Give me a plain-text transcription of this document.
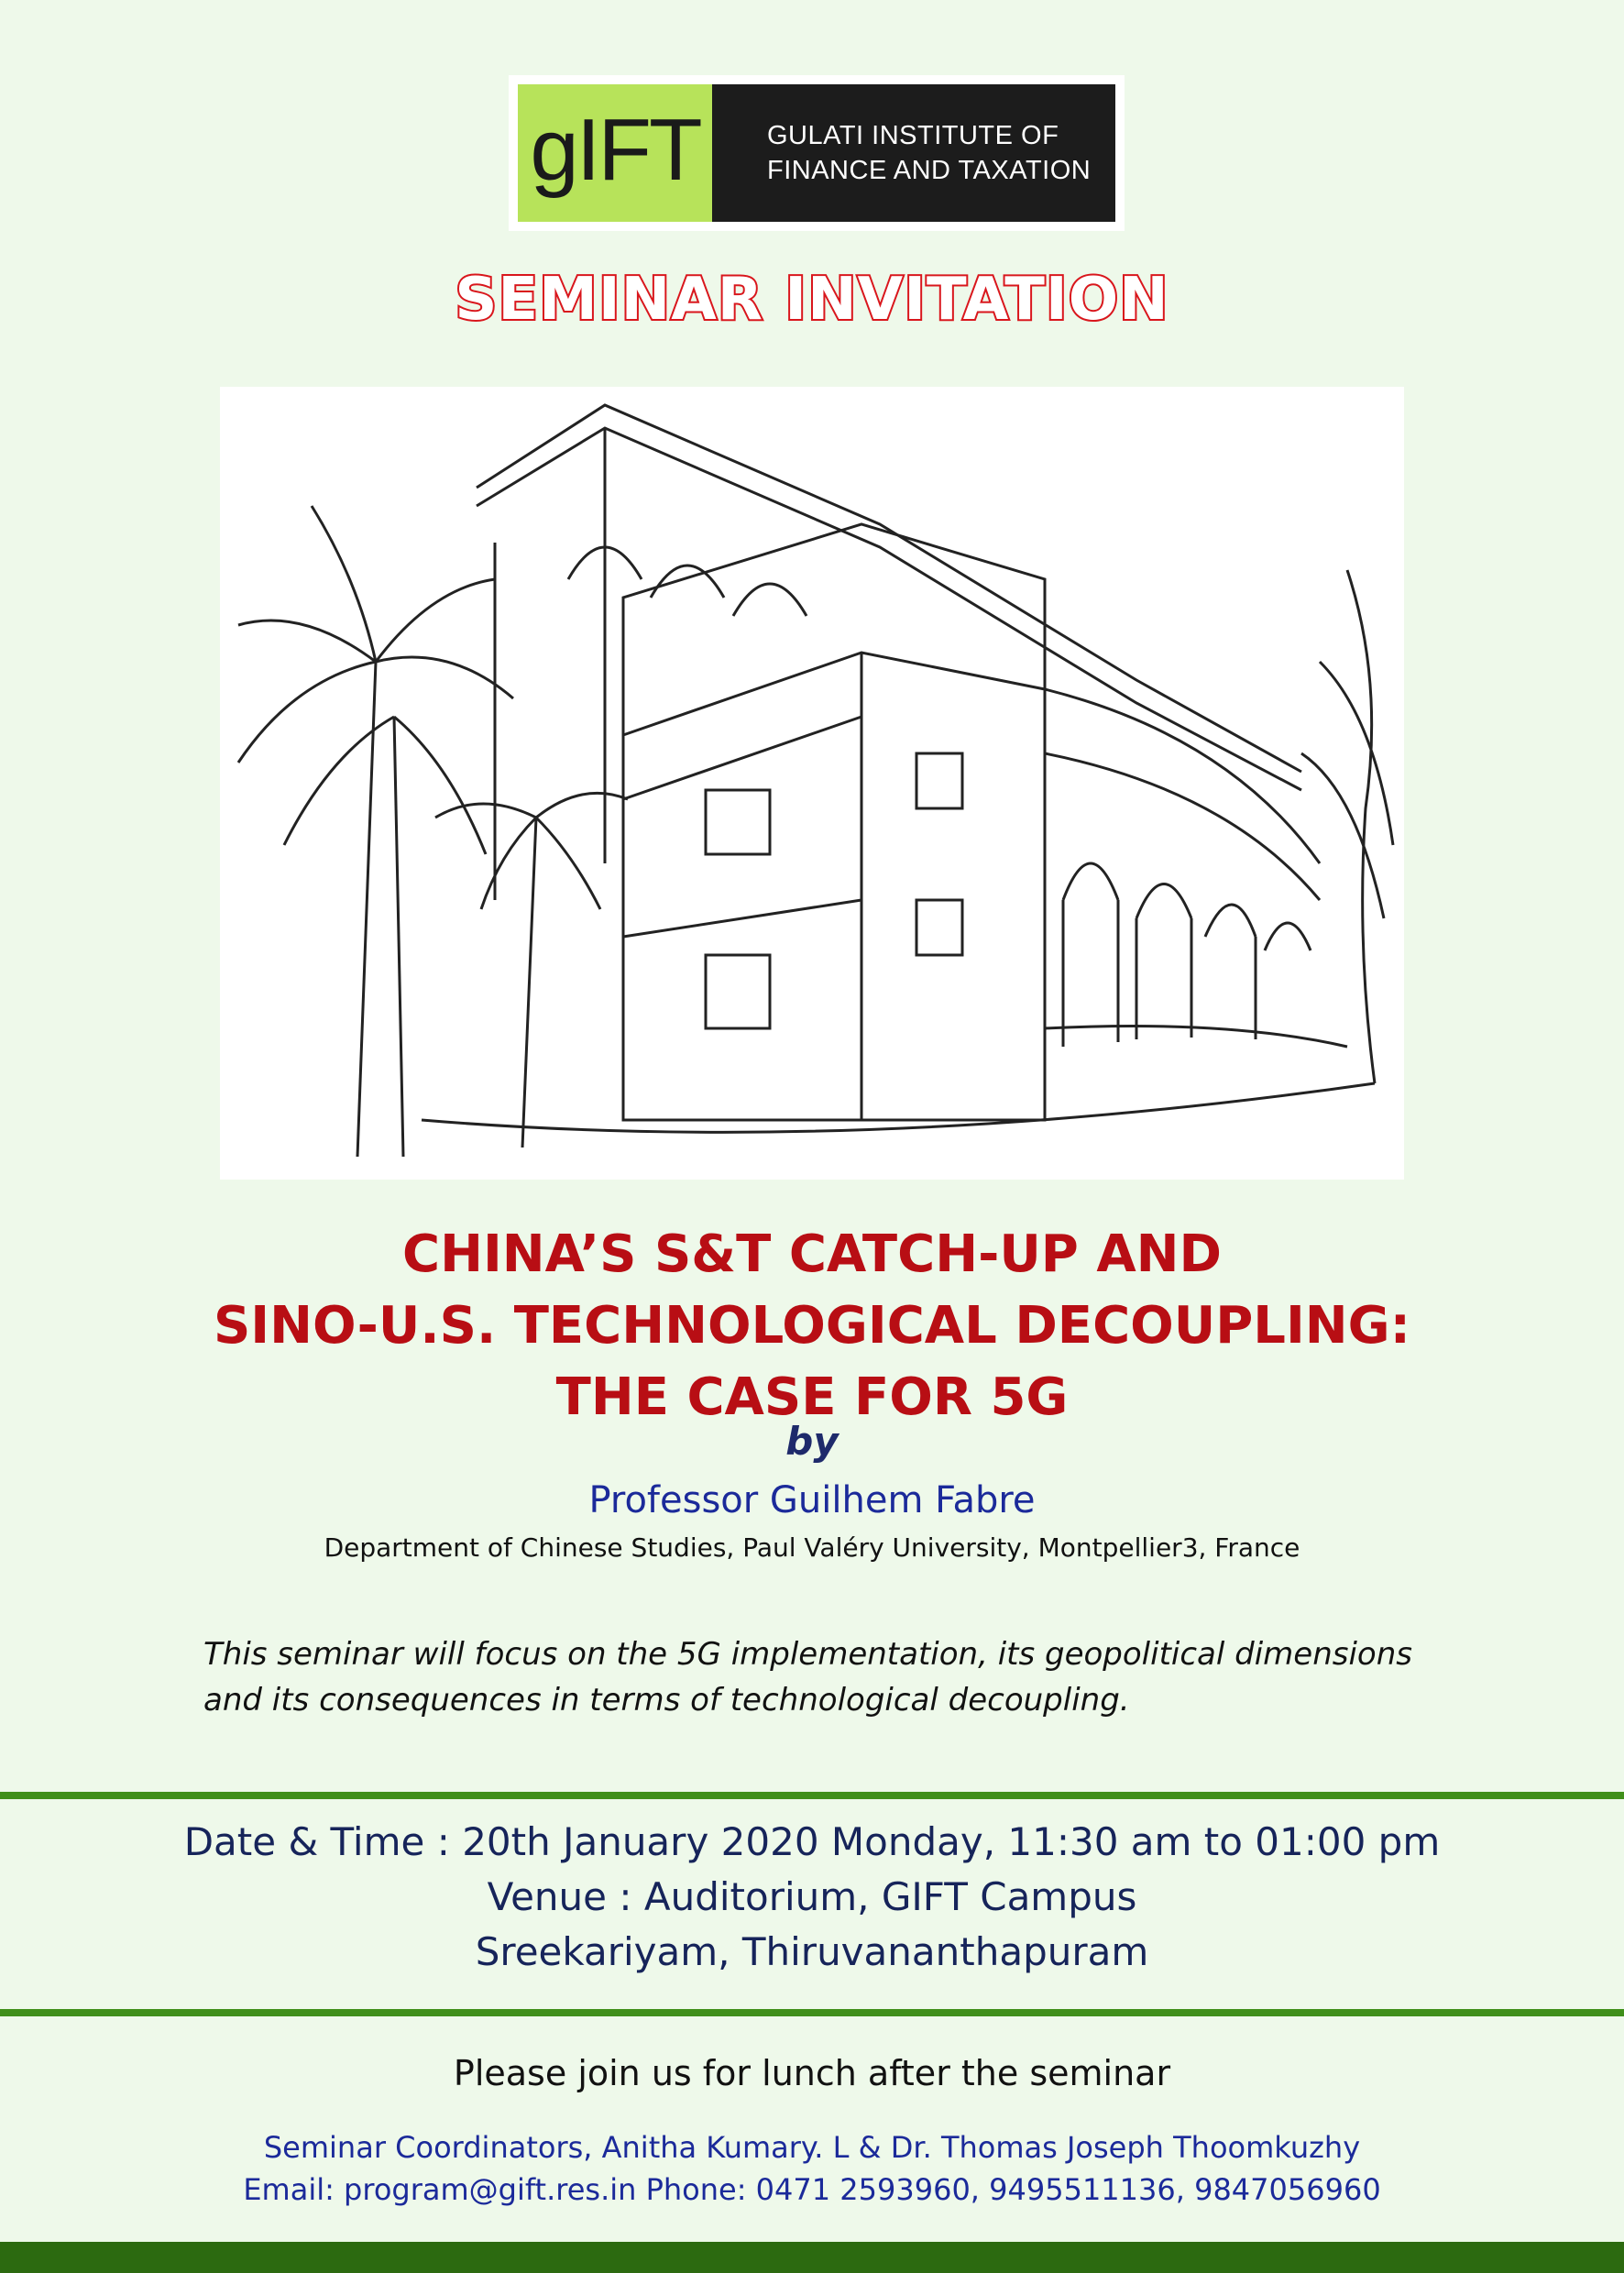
gIFT	GULATI INSTITUTE OF
FINANCE AND TAXATION
SEMINAR INVITATION
CHINA’S S&T CATCH-UP AND
SINO-U.S. TECHNOLOGICAL DECOUPLING:
THE CASE FOR 5G
by
Professor Guilhem Fabre
Department of Chinese Studies, Paul Valéry University, Montpellier3, France
This seminar will focus on the 5G implementation, its geopolitical dimensions
and its consequences in terms of technological decoupling.
Date & Time : 20th January 2020 Monday, 11:30 am to 01:00 pm
Venue : Auditorium, GIFT Campus
Sreekariyam, Thiruvananthapuram
Please join us for lunch after the seminar
Seminar Coordinators, Anitha Kumary. L & Dr. Thomas Joseph Thoomkuzhy
Email: program@gift.res.in Phone: 0471 2593960, 9495511136, 9847056960
